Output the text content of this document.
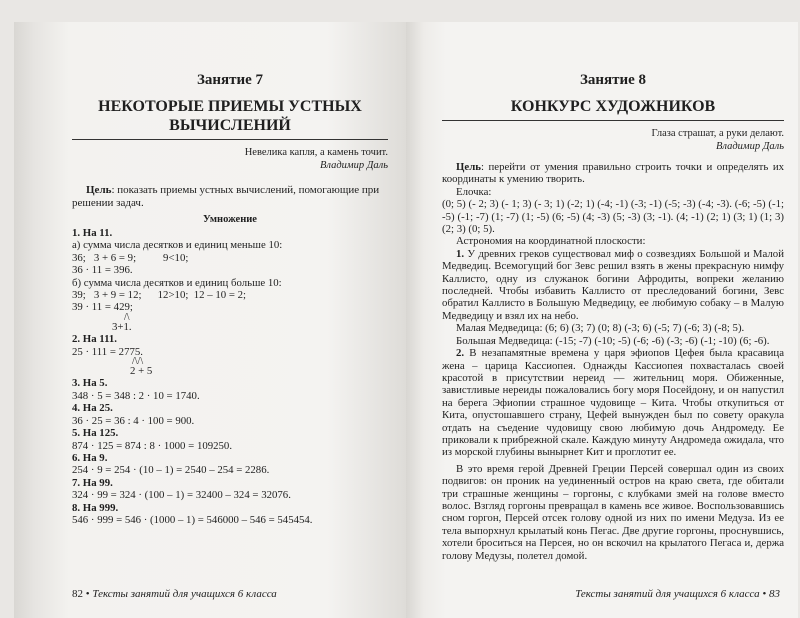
Занятие 7
НЕКОТОРЫЕ ПРИЕМЫ УСТНЫХ
ВЫЧИСЛЕНИЙ
Невелика капля, а камень точит.
Владимир Даль
Цель: показать приемы устных вычислений, помогающие при решении задач.
Умножение
1. На 11.
а) сумма числа десятков и единиц меньше 10:
36;   3 + 6 = 9;          9<10;
36 · 11 = 396.
б) сумма числа десятков и единиц больше 10:
39;   3 + 9 = 12;      12>10;  12 – 10 = 2;
39 · 11 = 429;
/\
3+1.
2. На 111.
25 · 111 = 2775.
/\/\
2 + 5
3. На 5.
348 · 5 = 348 : 2 · 10 = 1740.
4. На 25.
36 · 25 = 36 : 4 · 100 = 900.
5. На 125.
874 · 125 = 874 : 8 · 1000 = 109250.
6. На 9.
254 · 9 = 254 · (10 – 1) = 2540 – 254 = 2286.
7. На 99.
324 · 99 = 324 · (100 – 1) = 32400 – 324 = 32076.
8. На 999.
546 · 999 = 546 · (1000 – 1) = 546000 – 546 = 545454.
82 • Тексты занятий для учащихся 6 класса
Занятие 8
КОНКУРС ХУДОЖНИКОВ
Глаза страшат, а руки делают.
Владимир Даль
Цель: перейти от умения правильно строить точки и определять их координаты к умению творить.
Елочка:
(0; 5) (- 2; 3) (- 1; 3) (- 3; 1) (-2; 1) (-4; -1) (-3; -1) (-5; -3) (-4; -3). (-6; -5) (-1; -5) (-1; -7) (1; -7) (1; -5) (6; -5) (4; -3) (5; -3) (3; -1). (4; -1) (2; 1) (3; 1) (1; 3) (2; 3) (0; 5).
Астрономия на координатной плоскости:
1. У древних греков существовал миф о созвездиях Большой и Малой Медведиц. Всемогущий бог Зевс решил взять в жены прекрасную нимфу Каллисто, одну из служанок богини Афродиты, вопреки желанию последней. Чтобы избавить Каллисто от преследований богини, Зевс обратил Каллисто в Большую Медведицу, ее любимую собаку – в Малую Медведицу и взял их на небо.
Малая Медведица: (6; 6) (3; 7) (0; 8) (-3; 6) (-5; 7) (-6; 3) (-8; 5).
Большая Медведица: (-15; -7) (-10; -5) (-6; -6) (-3; -6) (-1; -10) (6; -6).
2. В незапамятные времена у царя эфиопов Цефея была красавица жена – царица Кассиопея. Однажды Кассиопея похвасталась своей красотой в присутствии нереид — жительниц моря. Обиженные, завистливые нереиды пожаловались богу моря Посейдону, и он напустил на берега Эфиопии страшное чудовище – Кита. Чтобы откупиться от Кита, опустошавшего страну, Цефей вынужден был по совету оракула отдать на съедение чудовищу свою любимую дочь Андромеду. Ее приковали к прибрежной скале. Каждую минуту Андромеда ожидала, что из морской глубины вынырнет Кит и проглотит ее.
В это время герой Древней Греции Персей совершал один из своих подвигов: он проник на уединенный остров на краю света, где обитали три страшные женщины – горгоны, с клубками змей на голове вместо волос. Взгляд горгоны превращал в камень все живое. Воспользовавшись сном горгон, Персей отсек голову одной из них по имени Медуза. Из ее тела выпорхнул крылатый конь Пегас. Две другие горгоны, проснувшись, хотели броситься на Персея, но он вскочил на крылатого Пегаса и, держа голову Медузы, полетел домой.
Тексты занятий для учащихся 6 класса • 83
